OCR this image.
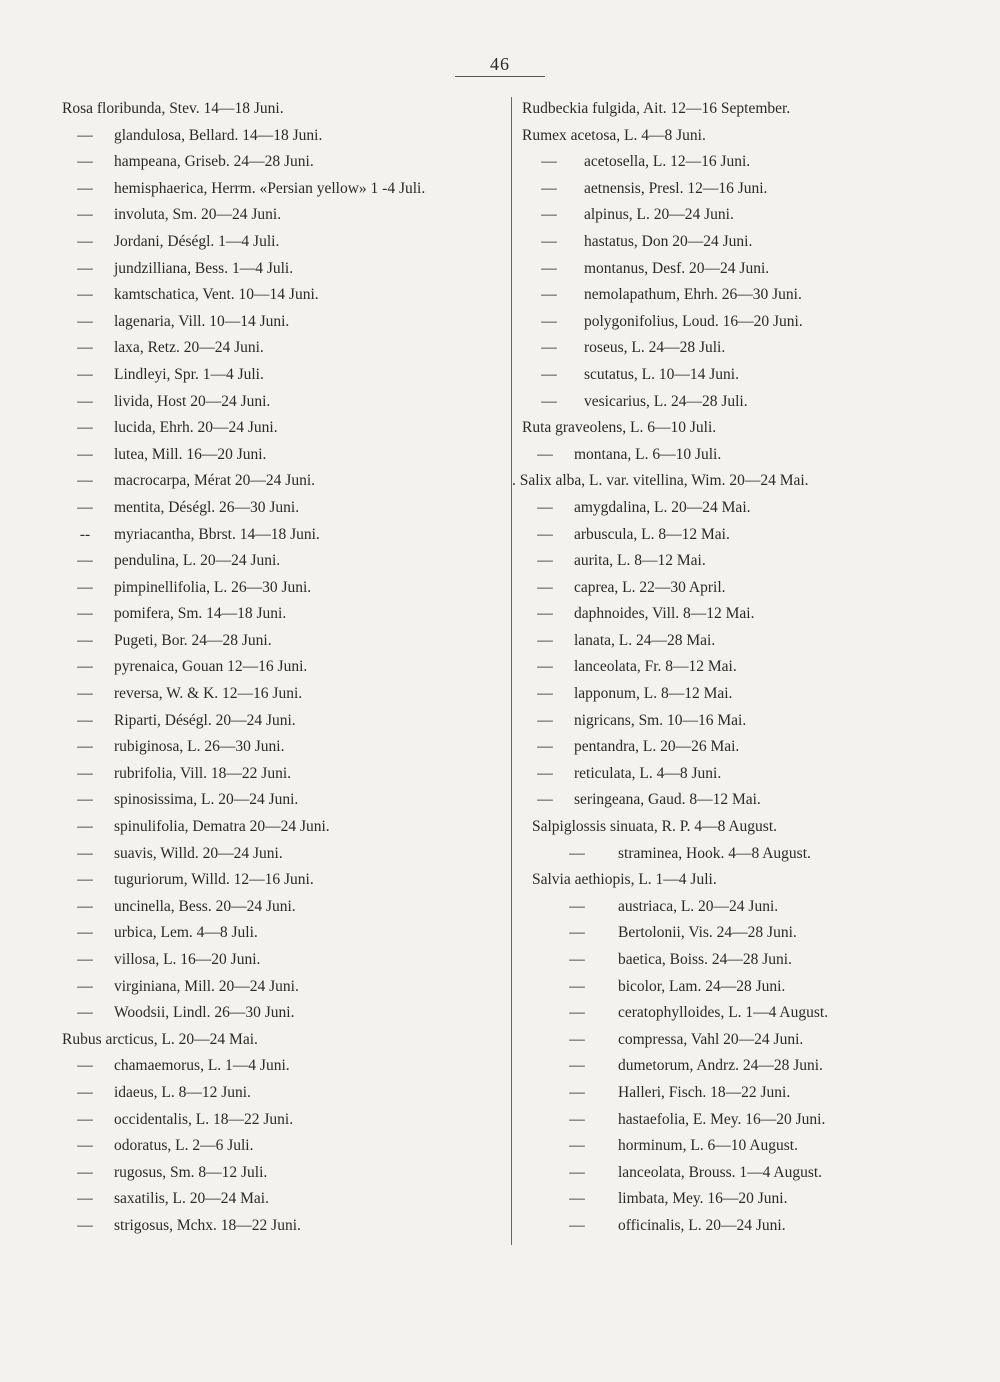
46
Rosa floribunda, Stev. 14—18 Juni.
— glandulosa, Bellard. 14—18 Juni.
— hampeana, Griseb. 24—28 Juni.
— hemisphaerica, Herrm. «Persian yellow» 1 -4 Juli.
— involuta, Sm. 20—24 Juni.
— Jordani, Déségl. 1—4 Juli.
— jundzilliana, Bess. 1—4 Juli.
— kamtschatica, Vent. 10—14 Juni.
— lagenaria, Vill. 10—14 Juni.
— laxa, Retz. 20—24 Juni.
— Lindleyi, Spr. 1—4 Juli.
— livida, Host 20—24 Juni.
— lucida, Ehrh. 20—24 Juni.
— lutea, Mill. 16—20 Juni.
— macrocarpa, Mérat 20—24 Juni.
— mentita, Déségl. 26—30 Juni.
-- myriacantha, Bbrst. 14—18 Juni.
— pendulina, L. 20—24 Juni.
— pimpinellifolia, L. 26—30 Juni.
— pomifera, Sm. 14—18 Juni.
— Pugeti, Bor. 24—28 Juni.
— pyrenaica, Gouan 12—16 Juni.
— reversa, W. & K. 12—16 Juni.
— Riparti, Déségl. 20—24 Juni.
— rubiginosa, L. 26—30 Juni.
— rubrifolia, Vill. 18—22 Juni.
— spinosissima, L. 20—24 Juni.
— spinulifolia, Dematra 20—24 Juni.
— suavis, Willd. 20—24 Juni.
— tuguriorum, Willd. 12—16 Juni.
— uncinella, Bess. 20—24 Juni.
— urbica, Lem. 4—8 Juli.
— villosa, L. 16—20 Juni.
— virginiana, Mill. 20—24 Juni.
— Woodsii, Lindl. 26—30 Juni.
Rubus arcticus, L. 20—24 Mai.
— chamaemorus, L. 1—4 Juni.
— idaeus, L. 8—12 Juni.
— occidentalis, L. 18—22 Juni.
— odoratus, L. 2—6 Juli.
— rugosus, Sm. 8—12 Juli.
— saxatilis, L. 20—24 Mai.
— strigosus, Mchx. 18—22 Juni.
Rudbeckia fulgida, Ait. 12—16 September.
Rumex acetosa, L. 4—8 Juni.
— acetosella, L. 12—16 Juni.
— aetnensis, Presl. 12—16 Juni.
— alpinus, L. 20—24 Juni.
— hastatus, Don 20—24 Juni.
— montanus, Desf. 20—24 Juni.
— nemolapathum, Ehrh. 26—30 Juni.
— polygonifolius, Loud. 16—20 Juni.
— roseus, L. 24—28 Juli.
— scutatus, L. 10—14 Juni.
— vesicarius, L. 24—28 Juli.
Ruta graveolens, L. 6—10 Juli.
— montana, L. 6—10 Juli.
. Salix alba, L. var. vitellina, Wim. 20—24 Mai.
— amygdalina, L. 20—24 Mai.
— arbuscula, L. 8—12 Mai.
— aurita, L. 8—12 Mai.
— caprea, L. 22—30 April.
— daphnoides, Vill. 8—12 Mai.
— lanata, L. 24—28 Mai.
— lanceolata, Fr. 8—12 Mai.
— lapponum, L. 8—12 Mai.
— nigricans, Sm. 10—16 Mai.
— pentandra, L. 20—26 Mai.
— reticulata, L. 4—8 Juni.
— seringeana, Gaud. 8—12 Mai.
Salpiglossis sinuata, R. P. 4—8 August.
— straminea, Hook. 4—8 August.
Salvia aethiopis, L. 1—4 Juli.
— austriaca, L. 20—24 Juni.
— Bertolonii, Vis. 24—28 Juni.
— baetica, Boiss. 24—28 Juni.
— bicolor, Lam. 24—28 Juni.
— ceratophylloides, L. 1—4 August.
— compressa, Vahl 20—24 Juni.
— dumetorum, Andrz. 24—28 Juni.
— Halleri, Fisch. 18—22 Juni.
— hastaefolia, E. Mey. 16—20 Juni.
— horminum, L. 6—10 August.
— lanceolata, Brouss. 1—4 August.
— limbata, Mey. 16—20 Juni.
— officinalis, L. 20—24 Juni.
